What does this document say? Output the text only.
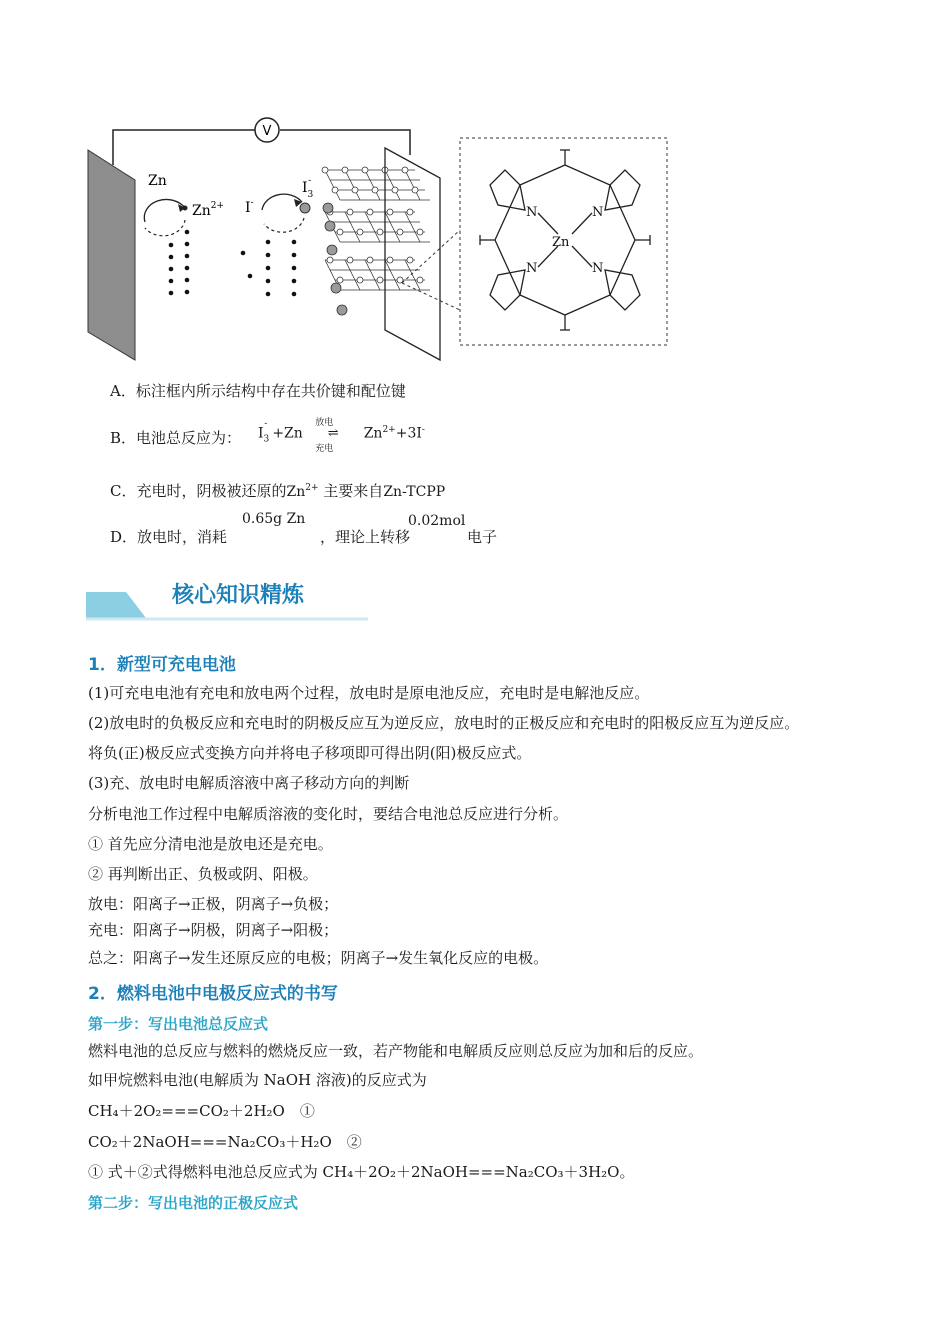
V
Zn
$Zn^{2+}$ I-
$I_3-$
N	N
N	N
Zn
A．标注框内所示结构中存在共价键和配位键
B．电池总反应为： $I_3^-+Zn$
放电
⇌
充电
$Zn^{2+}+3I^-$
C．充电时，阴极被还原的$Zn^{2+}$ 主要来自Zn-TCPP
D．放电时，消耗
0.65g Zn
，理论上转移
0.02mol
电子
核心知识精炼
1．新型可充电电池
(1)可充电电池有充电和放电两个过程，放电时是原电池反应，充电时是电解池反应。
(2)放电时的负极反应和充电时的阴极反应互为逆反应，放电时的正极反应和充电时的阳极反应互为逆反应。
将负(正)极反应式变换方向并将电子移项即可得出阴(阳)极反应式。
(3)充、放电时电解质溶液中离子移动方向的判断
分析电池工作过程中电解质溶液的变化时，要结合电池总反应进行分析。
① 首先应分清电池是放电还是充电。
② 再判断出正、负极或阴、阳极。
放电：阳离子→正极，阴离子→负极；
充电：阳离子→阴极，阴离子→阳极；
总之：阳离子→发生还原反应的电极；阴离子→发生氧化反应的电极。
2．燃料电池中电极反应式的书写
第一步：写出电池总反应式
燃料电池的总反应与燃料的燃烧反应一致，若产物能和电解质反应则总反应为加和后的反应。
如甲烷燃料电池(电解质为 NaOH 溶液)的反应式为
CH₄＋2O₂===CO₂＋2H₂O　①
CO₂＋2NaOH===Na₂CO₃＋H₂O　②
① 式＋②式得燃料电池总反应式为 CH₄＋2O₂＋2NaOH===Na₂CO₃＋3H₂O。
第二步：写出电池的正极反应式
